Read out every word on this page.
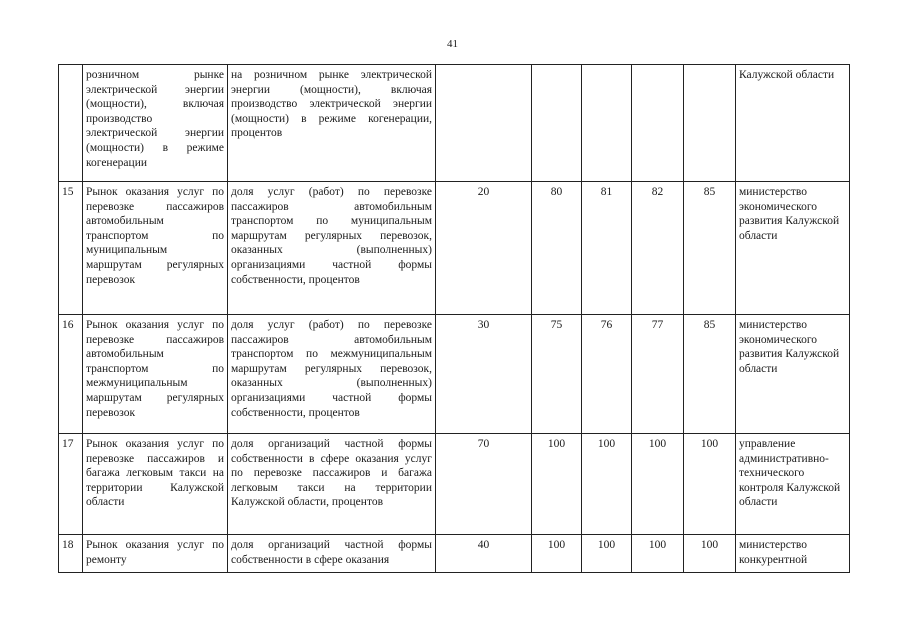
41
	розничном рынке электрической энергии (мощности), включая производство электрической энергии (мощности) в режиме когенерации	на розничном рынке электрической энергии (мощности), включая производство электрической энергии (мощности) в режиме когенерации, процентов						Калужской области
15	Рынок оказания услуг по перевозке пассажиров автомобильным транспортом по муниципальным маршрутам регулярных перевозок	доля услуг (работ) по перевозке пассажиров автомобильным транспортом по муниципальным маршрутам регулярных перевозок, оказанных (выполненных) организациями частной формы собственности, процентов	20	80	81	82	85	министерство экономического развития Калужской области
16	Рынок оказания услуг по перевозке пассажиров автомобильным транспортом по межмуниципальным маршрутам регулярных перевозок	доля услуг (работ) по перевозке пассажиров автомобильным транспортом по межмуниципальным маршрутам регулярных перевозок, оказанных (выполненных) организациями частной формы собственности, процентов	30	75	76	77	85	министерство экономического развития Калужской области
17	Рынок оказания услуг по перевозке пассажиров и багажа легковым такси на территории Калужской области	доля организаций частной формы собственности в сфере оказания услуг по перевозке пассажиров и багажа легковым такси на территории Калужской области, процентов	70	100	100	100	100	управление административно-технического контроля Калужской области
18	Рынок оказания услуг по ремонту	доля организаций частной формы собственности в сфере оказания	40	100	100	100	100	министерство конкурентной
